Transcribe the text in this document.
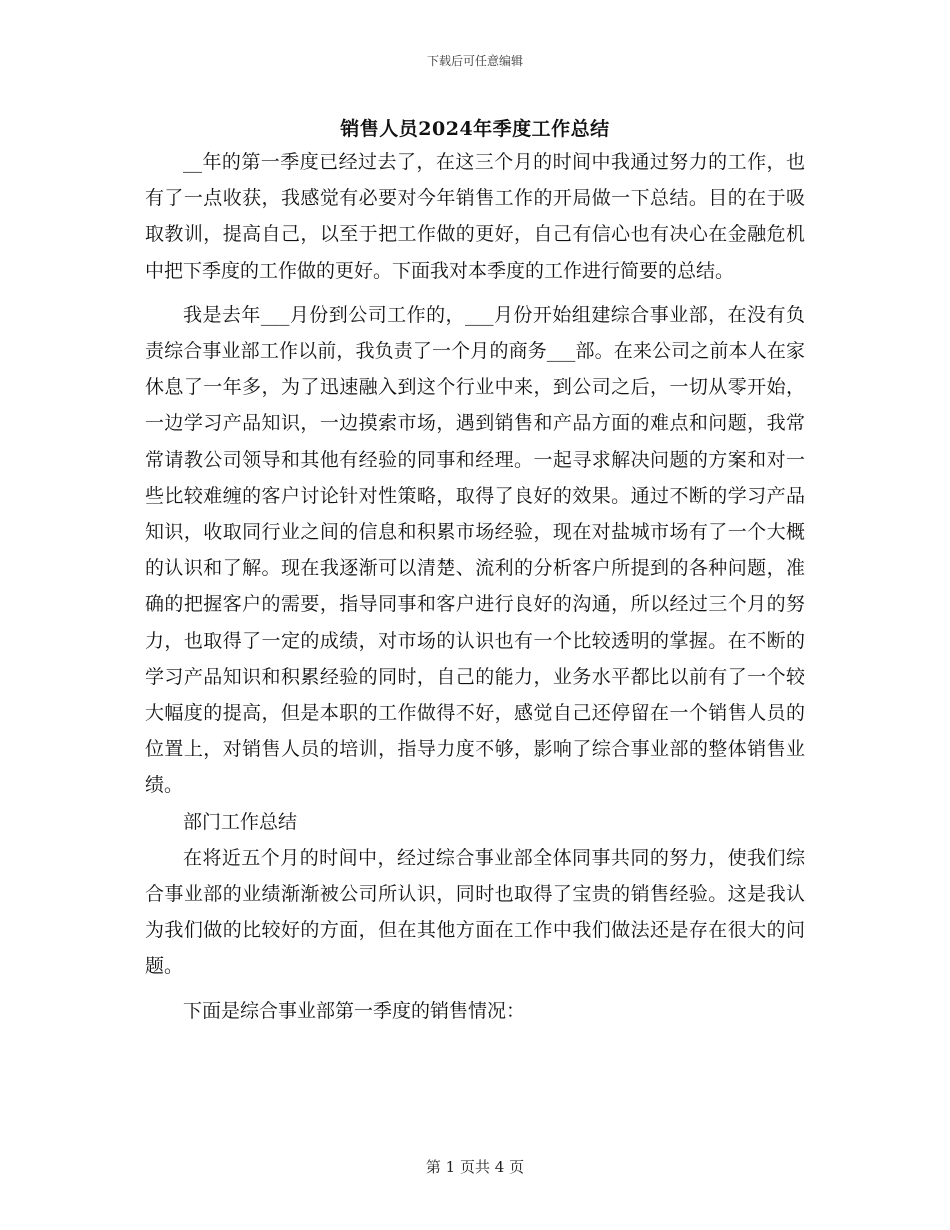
下载后可任意编辑
销售人员2024年季度工作总结

__年的第一季度已经过去了，在这三个月的时间中我通过努力的工作，也有了一点收获，我感觉有必要对今年销售工作的开局做一下总结。目的在于吸取教训，提高自己，以至于把工作做的更好，自己有信心也有决心在金融危机中把下季度的工作做的更好。下面我对本季度的工作进行简要的总结。

我是去年___月份到公司工作的，___月份开始组建综合事业部，在没有负责综合事业部工作以前，我负责了一个月的商务___部。在来公司之前本人在家休息了一年多，为了迅速融入到这个行业中来，到公司之后，一切从零开始，一边学习产品知识，一边摸索市场，遇到销售和产品方面的难点和问题，我常常请教公司领导和其他有经验的同事和经理。一起寻求解决问题的方案和对一些比较难缠的客户讨论针对性策略，取得了良好的效果。通过不断的学习产品知识，收取同行业之间的信息和积累市场经验，现在对盐城市场有了一个大概的认识和了解。现在我逐渐可以清楚、流利的分析客户所提到的各种问题，准确的把握客户的需要，指导同事和客户进行良好的沟通，所以经过三个月的努力，也取得了一定的成绩，对市场的认识也有一个比较透明的掌握。在不断的学习产品知识和积累经验的同时，自己的能力，业务水平都比以前有了一个较大幅度的提高，但是本职的工作做得不好，感觉自己还停留在一个销售人员的位置上，对销售人员的培训，指导力度不够，影响了综合事业部的整体销售业绩。

部门工作总结

在将近五个月的时间中，经过综合事业部全体同事共同的努力，使我们综合事业部的业绩渐渐被公司所认识，同时也取得了宝贵的销售经验。这是我认为我们做的比较好的方面，但在其他方面在工作中我们做法还是存在很大的问题。

下面是综合事业部第一季度的销售情况：

第 1 页共 4 页
